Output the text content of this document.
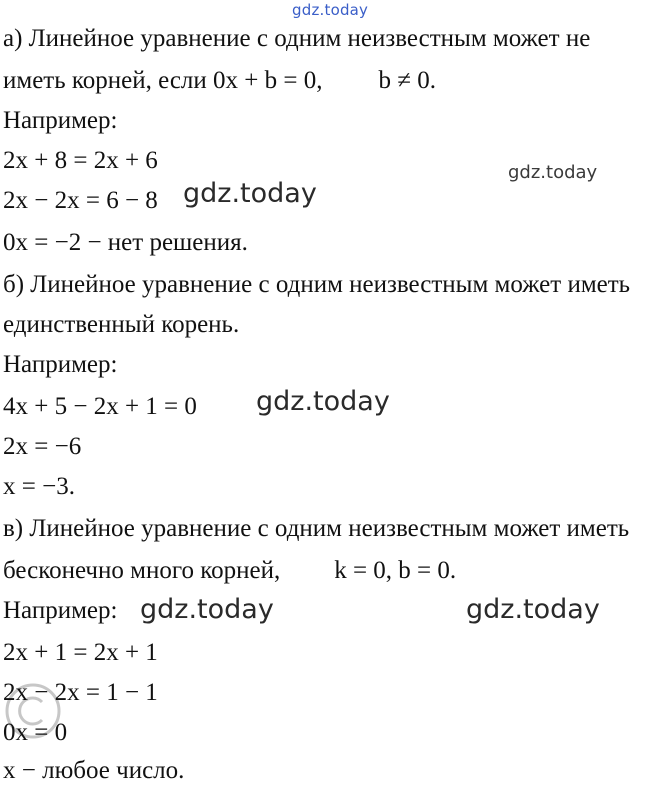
gdz.today
gdz.today
gdz.today
gdz.today
gdz.today	gdz.today
а) Линейное уравнение с одним неизвестным может не
иметь корней, если 0x + b = 0, b ≠ 0.
Например:
2x + 8 = 2x + 6
2x − 2x = 6 − 8
0x = −2 − нет решения.
б) Линейное уравнение с одним неизвестным может иметь
единственный корень.
Например:
4x + 5 − 2x + 1 = 0
2x = −6
x = −3.
в) Линейное уравнение с одним неизвестным может иметь
бесконечно много корней, k = 0, b = 0.
Например:
2x + 1 = 2x + 1
2x − 2x = 1 − 1
0x = 0
x − любое число.
